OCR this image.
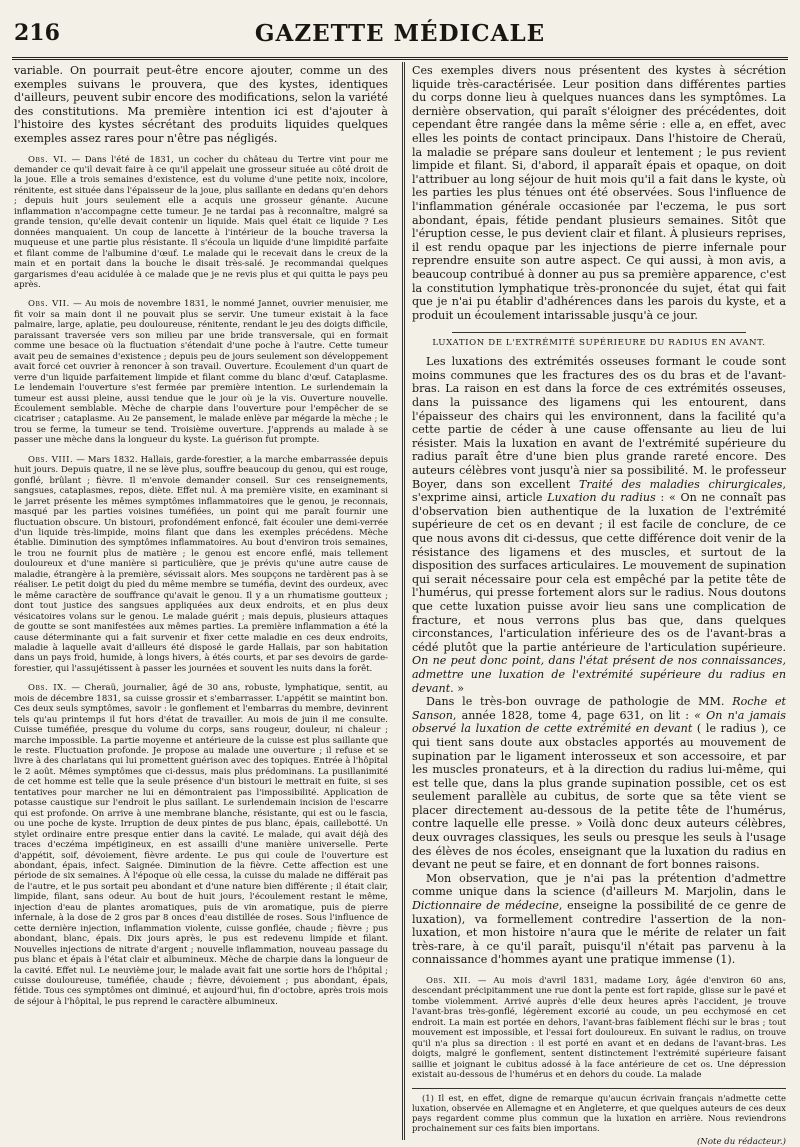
216	GAZETTE MÉDICALE

variable. On pourrait peut-être encore ajouter, comme un des exemples suivans le prouvera, que des kystes, identiques d'ailleurs, peuvent subir encore des modifications, selon la variété des constitutions. Ma première intention ici est d'ajouter à l'histoire des kystes sécrétant des produits liquides quelques exemples assez rares pour n'être pas négligés.

Obs. VI. — Dans l'été de 1831, un cocher du château du Tertre vint pour me demander ce qu'il devait faire à ce qu'il appelait une grosseur située au côté droit de la joue. Elle a trois semaines d'existence, est du volume d'une petite noix, incolore, rénitente, est située dans l'épaisseur de la joue, plus saillante en dedans qu'en dehors ; depuis huit jours seulement elle a acquis une grosseur génante. Aucune inflammation n'accompagne cette tumeur. Je ne tardai pas à reconnaître, malgré sa grande tension, qu'elle devait contenir un liquide. Mais quel était ce liquide ? Les données manquaient. Un coup de lancette à l'intérieur de la bouche traversa la muqueuse et une partie plus résistante. Il s'écoula un liquide d'une limpidité parfaite et filant comme de l'albumine d'œuf. Le malade qui le recevait dans le creux de la main et en portait dans la bouche le disait très-salé. Je recommandai quelques gargarismes d'eau acidulée à ce malade que je ne revis plus et qui quitta le pays peu après.

Obs. VII. — Au mois de novembre 1831, le nommé Jannet, ouvrier menuisier, me fit voir sa main dont il ne pouvait plus se servir. Une tumeur existait à la face palmaire, large, aplatie, peu douloureuse, rénitente, rendant le jeu des doigts difficile, paraissant traversée vers son milieu par une bride transversale, qui en formait comme une besace où la fluctuation s'étendait d'une poche à l'autre. Cette tumeur avait peu de semaines d'existence ; depuis peu de jours seulement son développement avait forcé cet ouvrier à renoncer à son travail. Ouverture. Écoulement d'un quart de verre d'un liquide parfaitement limpide et filant comme du blanc d'œuf. Cataplasme. Le lendemain l'ouverture s'est fermée par première intention. Le surlendemain la tumeur est aussi pleine, aussi tendue que le jour où je la vis. Ouverture nouvelle. Écoulement semblable. Mèche de charpie dans l'ouverture pour l'empêcher de se cicatriser ; cataplasme. Au 2e pansement, le malade enlève par mégarde la mèche ; le trou se ferme, la tumeur se tend. Troisième ouverture. J'apprends au malade à se passer une mèche dans la longueur du kyste. La guérison fut prompte.

Obs. VIII. — Mars 1832. Hallais, garde-forestier, a la marche embarrassée depuis huit jours. Depuis quatre, il ne se lève plus, souffre beaucoup du genou, qui est rouge, gonflé, brûlant ; fièvre. Il m'envoie demander conseil. Sur ces renseignements, sangsues, cataplasmes, repos, diète. Effet nul. À ma première visite, en examinant si le jarret présente les mêmes symptômes inflammatoires que le genou, je reconnais, masqué par les parties voisines tuméfiées, un point qui me paraît fournir une fluctuation obscure. Un bistouri, profondément enfoncé, fait écouler une demi-verrée d'un liquide très-limpide, moins filant que dans les exemples précédens. Mèche établie. Diminution des symptômes inflammatoires. Au bout d'environ trois semaines, le trou ne fournit plus de matière ; le genou est encore enflé, mais tellement douloureux et d'une manière si particulière, que je prévis qu'une autre cause de maladie, étrangère à la première, sévissait alors. Mes soupçons ne tardèrent pas à se réaliser. Le petit doigt du pied du même membre se tuméfia, devint des ourdeux, avec le même caractère de souffrance qu'avait le genou. Il y a un rhumatisme goutteux ; dont tout justice des sangsues appliquées aux deux endroits, et en plus deux vésicatoires volans sur le genou. Le malade guérit ; mais depuis, plusieurs attaques de goutte se sont manifestées aux mêmes parties. La première inflammation a été la cause déterminante qui a fait survenir et fixer cette maladie en ces deux endroits, maladie à laquelle avait d'ailleurs été disposé le garde Hallais, par son habitation dans un pays froid, humide, à longs hivers, à étés courts, et par ses devoirs de garde-forestier, qui l'assujétissent à passer les journées et souvent les nuits dans la forêt.

Obs. IX. — Cheraü, journalier, âgé de 30 ans, robuste, lymphatique, sentit, au mois de décembre 1831, sa cuisse grossir et s'embarrasser. L'appétit se maintint bon. Ces deux seuls symptômes, savoir : le gonflement et l'embarras du membre, devinrent tels qu'au printemps il fut hors d'état de travailler. Au mois de juin il me consulte. Cuisse tuméfiée, presque du volume du corps, sans rougeur, douleur, ni chaleur ; marche impossible. La partie moyenne et antérieure de la cuisse est plus saillante que le reste. Fluctuation profonde. Je propose au malade une ouverture ; il refuse et se livre à des charlatans qui lui promettent guérison avec des topiques. Entrée à l'hôpital le 2 août. Mêmes symptômes que ci-dessus, mais plus prédominans. La pusillanimité de cet homme est telle que la seule présence d'un bistouri le mettrait en fuite, si ses tentatives pour marcher ne lui en démontraient pas l'impossibilité. Application de potasse caustique sur l'endroit le plus saillant. Le surlendemain incision de l'escarre qui est profonde. On arrive à une membrane blanche, résistante, qui est ou le fascia, ou une poche de kyste. Irruption de deux pintes de pus blanc, épais, caillebotté. Un stylet ordinaire entre presque entier dans la cavité. Le malade, qui avait déjà des traces d'eczéma impétigineux, en est assailli d'une manière universelle. Perte d'appétit, soif, dévoiement, fièvre ardente. Le pus qui coule de l'ouverture est abondant, épais, infect. Saignée. Diminution de la fièvre. Cette affection est une période de six semaines. À l'époque où elle cessa, la cuisse du malade ne différait pas de l'autre, et le pus sortait peu abondant et d'une nature bien différente ; il était clair, limpide, filant, sans odeur. Au bout de huit jours, l'écoulement restant le même, injection d'eau de plantes aromatiques, puis de vin aromatique, puis de pierre infernale, à la dose de 2 gros par 8 onces d'eau distillée de roses. Sous l'influence de cette dernière injection, inflammation violente, cuisse gonflée, chaude ; fièvre ; pus abondant, blanc, épais. Dix jours après, le pus est redevenu limpide et filant. Nouvelles injections de nitrate d'argent ; nouvelle inflammation, nouveau passage du pus blanc et épais à l'état clair et albumineux. Mèche de charpie dans la longueur de la cavité. Effet nul. Le neuvième jour, le malade avait fait une sortie hors de l'hôpital ; cuisse douloureuse, tuméfiée, chaude ; fièvre, dévoiement ; pus abondant, épais, fétide. Tous ces symptômes ont diminué, et aujourd'hui, fin d'octobre, après trois mois de séjour à l'hôpital, le pus reprend le caractère albumineux.

Ces exemples divers nous présentent des kystes à sécrétion liquide très-caractérisée. Leur position dans différentes parties du corps donne lieu à quelques nuances dans les symptômes. La dernière observation, qui paraît s'éloigner des précédentes, doit cependant être rangée dans la même série : elle a, en effet, avec elles les points de contact principaux. Dans l'histoire de Cheraü, la maladie se prépare sans douleur et lentement ; le pus revient limpide et filant. Si, d'abord, il apparaît épais et opaque, on doit l'attribuer au long séjour de huit mois qu'il a fait dans le kyste, où les parties les plus ténues ont été observées. Sous l'influence de l'inflammation générale occasionée par l'eczema, le pus sort abondant, épais, fétide pendant plusieurs semaines. Sitôt que l'éruption cesse, le pus devient clair et filant. À plusieurs reprises, il est rendu opaque par les injections de pierre infernale pour reprendre ensuite son autre aspect. Ce qui aussi, à mon avis, a beaucoup contribué à donner au pus sa première apparence, c'est la constitution lymphatique très-prononcée du sujet, état qui fait que je n'ai pu établir d'adhérences dans les parois du kyste, et a produit un écoulement intarissable jusqu'à ce jour.

LUXATION DE L'EXTRÉMITÉ SUPÉRIEURE DU RADIUS EN AVANT.

Les luxations des extrémités osseuses formant le coude sont moins communes que les fractures des os du bras et de l'avant-bras. La raison en est dans la force de ces extrémités osseuses, dans la puissance des ligamens qui les entourent, dans l'épaisseur des chairs qui les environnent, dans la facilité qu'a cette partie de céder à une cause offensante au lieu de lui résister. Mais la luxation en avant de l'extrémité supérieure du radius paraît être d'une bien plus grande rareté encore. Des auteurs célèbres vont jusqu'à nier sa possibilité. M. le professeur Boyer, dans son excellent Traité des maladies chirurgicales, s'exprime ainsi, article Luxation du radius : « On ne connaît pas d'observation bien authentique de la luxation de l'extrémité supérieure de cet os en devant ; il est facile de conclure, de ce que nous avons dit ci-dessus, que cette différence doit venir de la résistance des ligamens et des muscles, et surtout de la disposition des surfaces articulaires. Le mouvement de supination qui serait nécessaire pour cela est empêché par la petite tête de l'humérus, qui presse fortement alors sur le radius. Nous doutons que cette luxation puisse avoir lieu sans une complication de fracture, et nous verrons plus bas que, dans quelques circonstances, l'articulation inférieure des os de l'avant-bras a cédé plutôt que la partie antérieure de l'articulation supérieure. On ne peut donc point, dans l'état présent de nos connaissances, admettre une luxation de l'extrémité supérieure du radius en devant. »

Dans le très-bon ouvrage de pathologie de MM. Roche et Sanson, année 1828, tome 4, page 631, on lit : « On n'a jamais observé la luxation de cette extrémité en devant ( le radius ), ce qui tient sans doute aux obstacles apportés au mouvement de supination par le ligament interosseux et son accessoire, et par les muscles pronateurs, et à la direction du radius lui-même, qui est telle que, dans la plus grande supination possible, cet os est seulement parallèle au cubitus, de sorte que sa tête vient se placer directement au-dessous de la petite tête de l'humérus, contre laquelle elle presse. » Voilà donc deux auteurs célèbres, deux ouvrages classiques, les seuls ou presque les seuls à l'usage des élèves de nos écoles, enseignant que la luxation du radius en devant ne peut se faire, et en donnant de fort bonnes raisons.

Mon observation, que je n'ai pas la prétention d'admettre comme unique dans la science (d'ailleurs M. Marjolin, dans le Dictionnaire de médecine, enseigne la possibilité de ce genre de luxation), va formellement contredire l'assertion de la non-luxation, et mon histoire n'aura que le mérite de relater un fait très-rare, à ce qu'il paraît, puisqu'il n'était pas parvenu à la connaissance d'hommes ayant une pratique immense (1).

Obs. XII. — Au mois d'avril 1831, madame Lory, âgée d'environ 60 ans, descendant précipitamment une rue dont la pente est fort rapide, glisse sur le pavé et tombe violemment. Arrivé auprès d'elle deux heures après l'accident, je trouve l'avant-bras très-gonflé, légèrement excorié au coude, un peu ecchymosé en cet endroit. La main est portée en dehors, l'avant-bras faiblement fléchi sur le bras ; tout mouvement est impossible, et l'essai fort douloureux. En suivant le radius, on trouve qu'il n'a plus sa direction : il est porté en avant et en dedans de l'avant-bras. Les doigts, malgré le gonflement, sentent distinctement l'extrémité supérieure faisant saillie et joignant le cubitus adossé à la face antérieure de cet os. Une dépression existait au-dessous de l'humérus et en dehors du coude. La malade

(1) Il est, en effet, digne de remarque qu'aucun écrivain français n'admette cette luxation, observée en Allemagne et en Angleterre, et que quelques auteurs de ces deux pays regardent comme plus commun que la luxation en arrière. Nous reviendrons prochainement sur ces faits bien importans.

(Note du rédacteur.)
